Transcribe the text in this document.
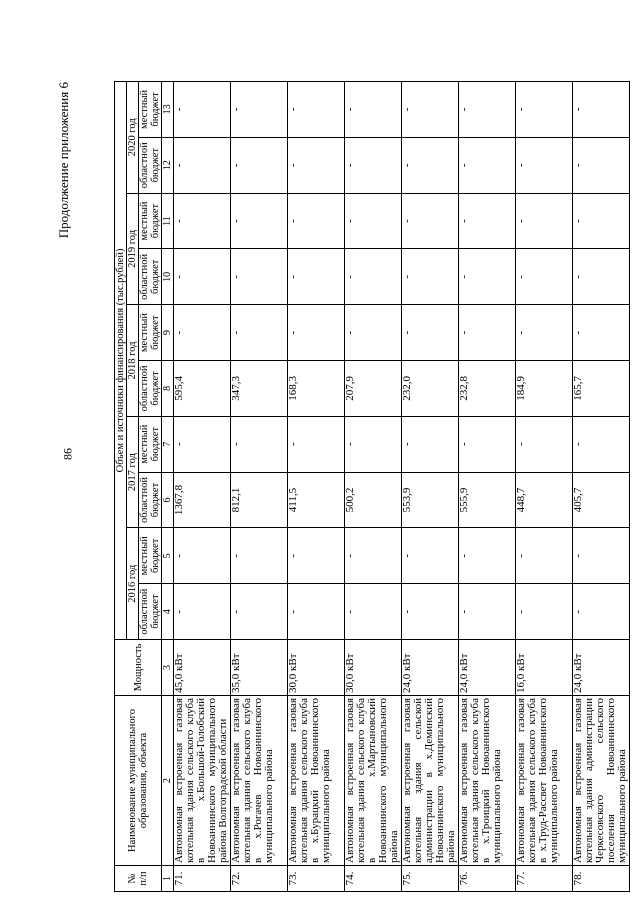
86
Продолжение приложения 6
№ п/п	Наименование муниципального образования, объекта	Мощность	Объем и источники финансирования (тыс.рублей)									
			2016 год		2017 год		2018 год		2019 год		2020 год	
			областной бюджет	местный бюджет	областной бюджет	местный бюджет	областной бюджет	местный бюджет	областной бюджет	местный бюджет	областной бюджет	местный бюджет
1	2	3	4	5	6	7	8	9	10	11	12	13
71.	Автономная встроенная газовая котельная здания сельского клуба в х.Большой-Голобский Новоаннинского муниципального района Волгоградской области	45,0 кВт	-	-	1367,8	-	595,4	-	-	-	-	-
72.	Автономная встроенная газовая котельная здания сельского клуба в х.Рогачев Новоаннинского муниципального района	35,0 кВт	-	-	812,1	-	347,3	-	-	-	-	-
73.	Автономная встроенная газовая котельная здания сельского клуба в х.Бурацкий Новоаннинского муниципального района	30,0 кВт	-	-	411,5	-	168,3	-	-	-	-	-
74.	Автономная встроенная газовая котельная здания сельского клуба в х.Мартыновский Новоаннинского муниципального района	30,0 кВт	-	-	500,2	-	207,9	-	-	-	-	-
75.	Автономная встроенная газовая котельная здания сельской администрации в х.Деминский Новоаннинского муниципального района	24,0 кВт	-	-	553,9	-	232,0	-	-	-	-	-
76.	Автономная встроенная газовая котельная здания сельского клуба в х.Троицкий Новоаннинского муниципального района	24,0 кВт	-	-	555,9	-	232,8	-	-	-	-	-
77.	Автономная встроенная газовая котельная здания сельского клуба в х.Труд-Рассвет Новоаннинского муниципального района	16,0 кВт	-	-	448,7	-	184,9	-	-	-	-	-
78.	Автономная встроенная газовая котельная здания администрации Черкесовского сельского поселения Новоаннинского муниципального района	24,0 кВт	-	-	405,7	-	165,7	-	-	-	-	-
